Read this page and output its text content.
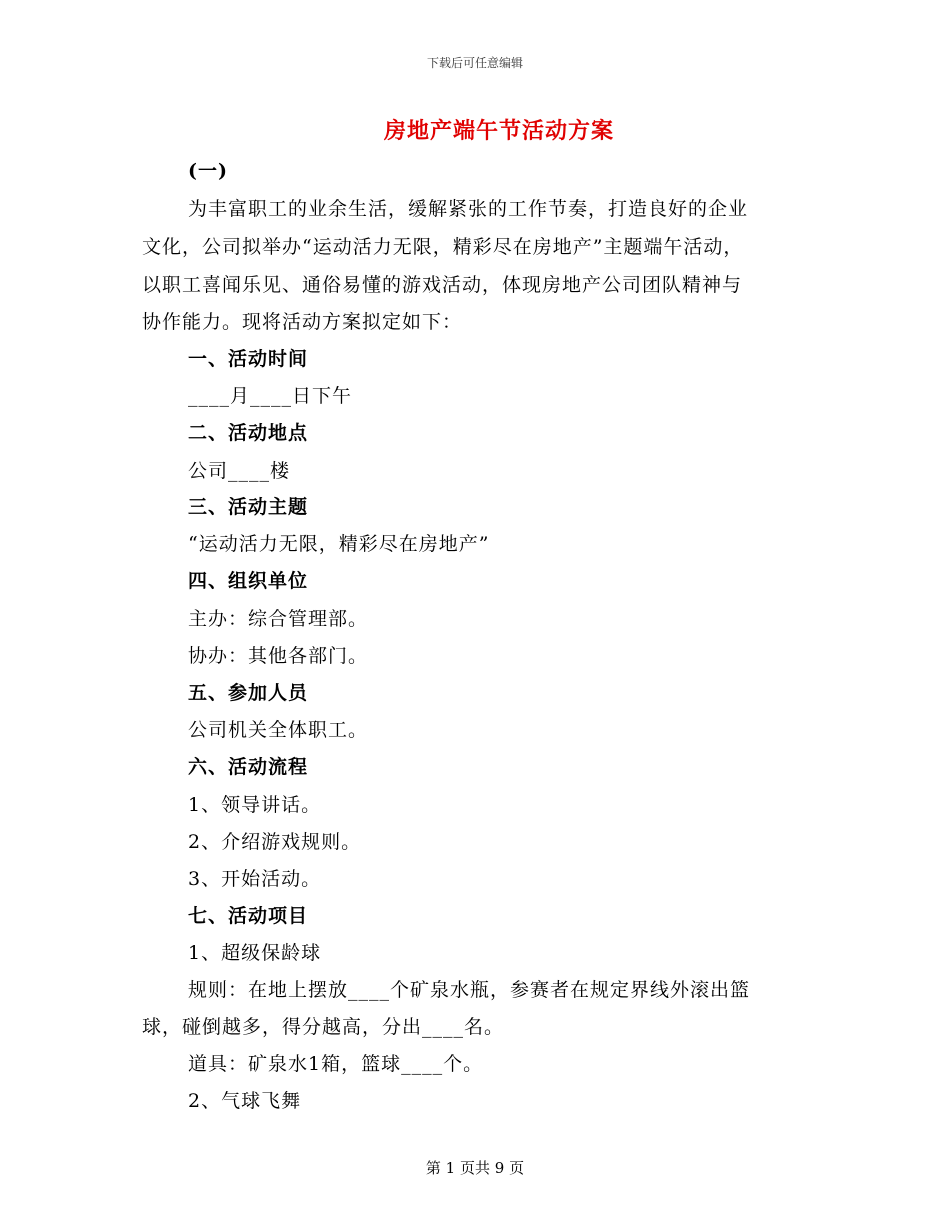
下载后可任意编辑
房地产端午节活动方案
(一)
为丰富职工的业余生活，缓解紧张的工作节奏，打造良好的企业
文化，公司拟举办“运动活力无限，精彩尽在房地产”主题端午活动，
以职工喜闻乐见、通俗易懂的游戏活动，体现房地产公司团队精神与
协作能力。现将活动方案拟定如下：
一、活动时间
____月____日下午
二、活动地点
公司____楼
三、活动主题
“运动活力无限，精彩尽在房地产”
四、组织单位
主办：综合管理部。
协办：其他各部门。
五、参加人员
公司机关全体职工。
六、活动流程
1、领导讲话。
2、介绍游戏规则。
3、开始活动。
七、活动项目
1、超级保龄球
规则：在地上摆放____个矿泉水瓶，参赛者在规定界线外滚出篮
球，碰倒越多，得分越高，分出____名。
道具：矿泉水1箱，篮球____个。
2、气球飞舞
第 1 页共 9 页
